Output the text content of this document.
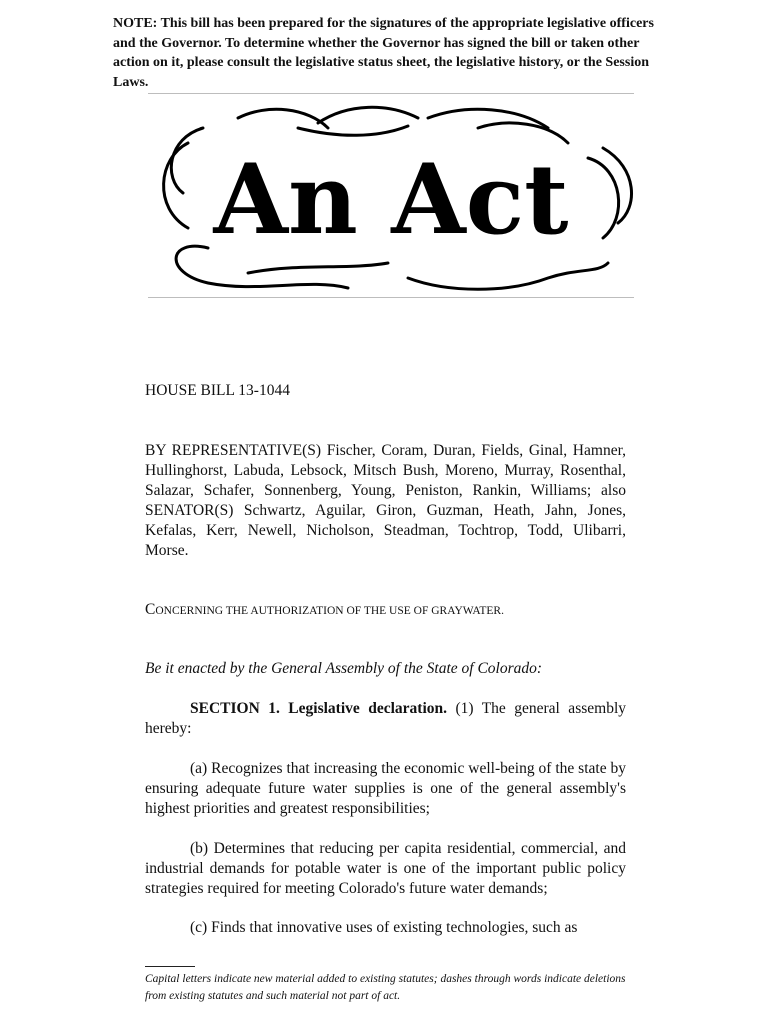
NOTE: This bill has been prepared for the signatures of the appropriate legislative officers and the Governor. To determine whether the Governor has signed the bill or taken other action on it, please consult the legislative status sheet, the legislative history, or the Session Laws.
An Act
HOUSE BILL 13-1044
BY REPRESENTATIVE(S) Fischer, Coram, Duran, Fields, Ginal, Hamner, Hullinghorst, Labuda, Lebsock, Mitsch Bush, Moreno, Murray, Rosenthal, Salazar, Schafer, Sonnenberg, Young, Peniston, Rankin, Williams; also SENATOR(S) Schwartz, Aguilar, Giron, Guzman, Heath, Jahn, Jones, Kefalas, Kerr, Newell, Nicholson, Steadman, Tochtrop, Todd, Ulibarri, Morse.
CONCERNING THE AUTHORIZATION OF THE USE OF GRAYWATER.
Be it enacted by the General Assembly of the State of Colorado:
SECTION 1. Legislative declaration. (1) The general assembly hereby:
(a) Recognizes that increasing the economic well-being of the state by ensuring adequate future water supplies is one of the general assembly's highest priorities and greatest responsibilities;
(b) Determines that reducing per capita residential, commercial, and industrial demands for potable water is one of the important public policy strategies required for meeting Colorado's future water demands;
(c) Finds that innovative uses of existing technologies, such as
Capital letters indicate new material added to existing statutes; dashes through words indicate deletions from existing statutes and such material not part of act.
